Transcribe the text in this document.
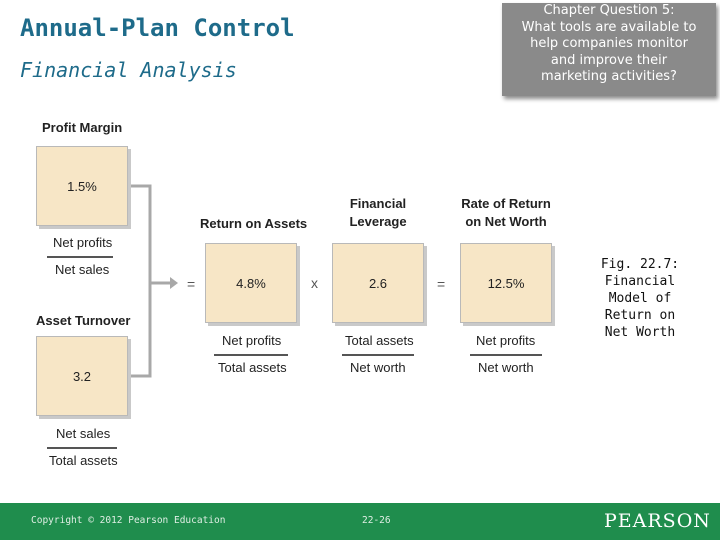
Annual-Plan Control
Financial Analysis
Chapter Question 5:
What tools are available to
help companies monitor
and improve their
marketing activities?
Profit Margin
1.5%
Net profits
Net sales
Asset Turnover
3.2
Net sales
Total assets
Return on Assets
4.8%
Net profits
Total assets
Financial
Leverage
2.6
Total assets
Net worth
Rate of Return
on Net Worth
12.5%
Net profits
Net worth
=	x	=
Fig. 22.7:
Financial
Model of
Return on
Net Worth
Copyright © 2012 Pearson Education	22-26	PEARSON
